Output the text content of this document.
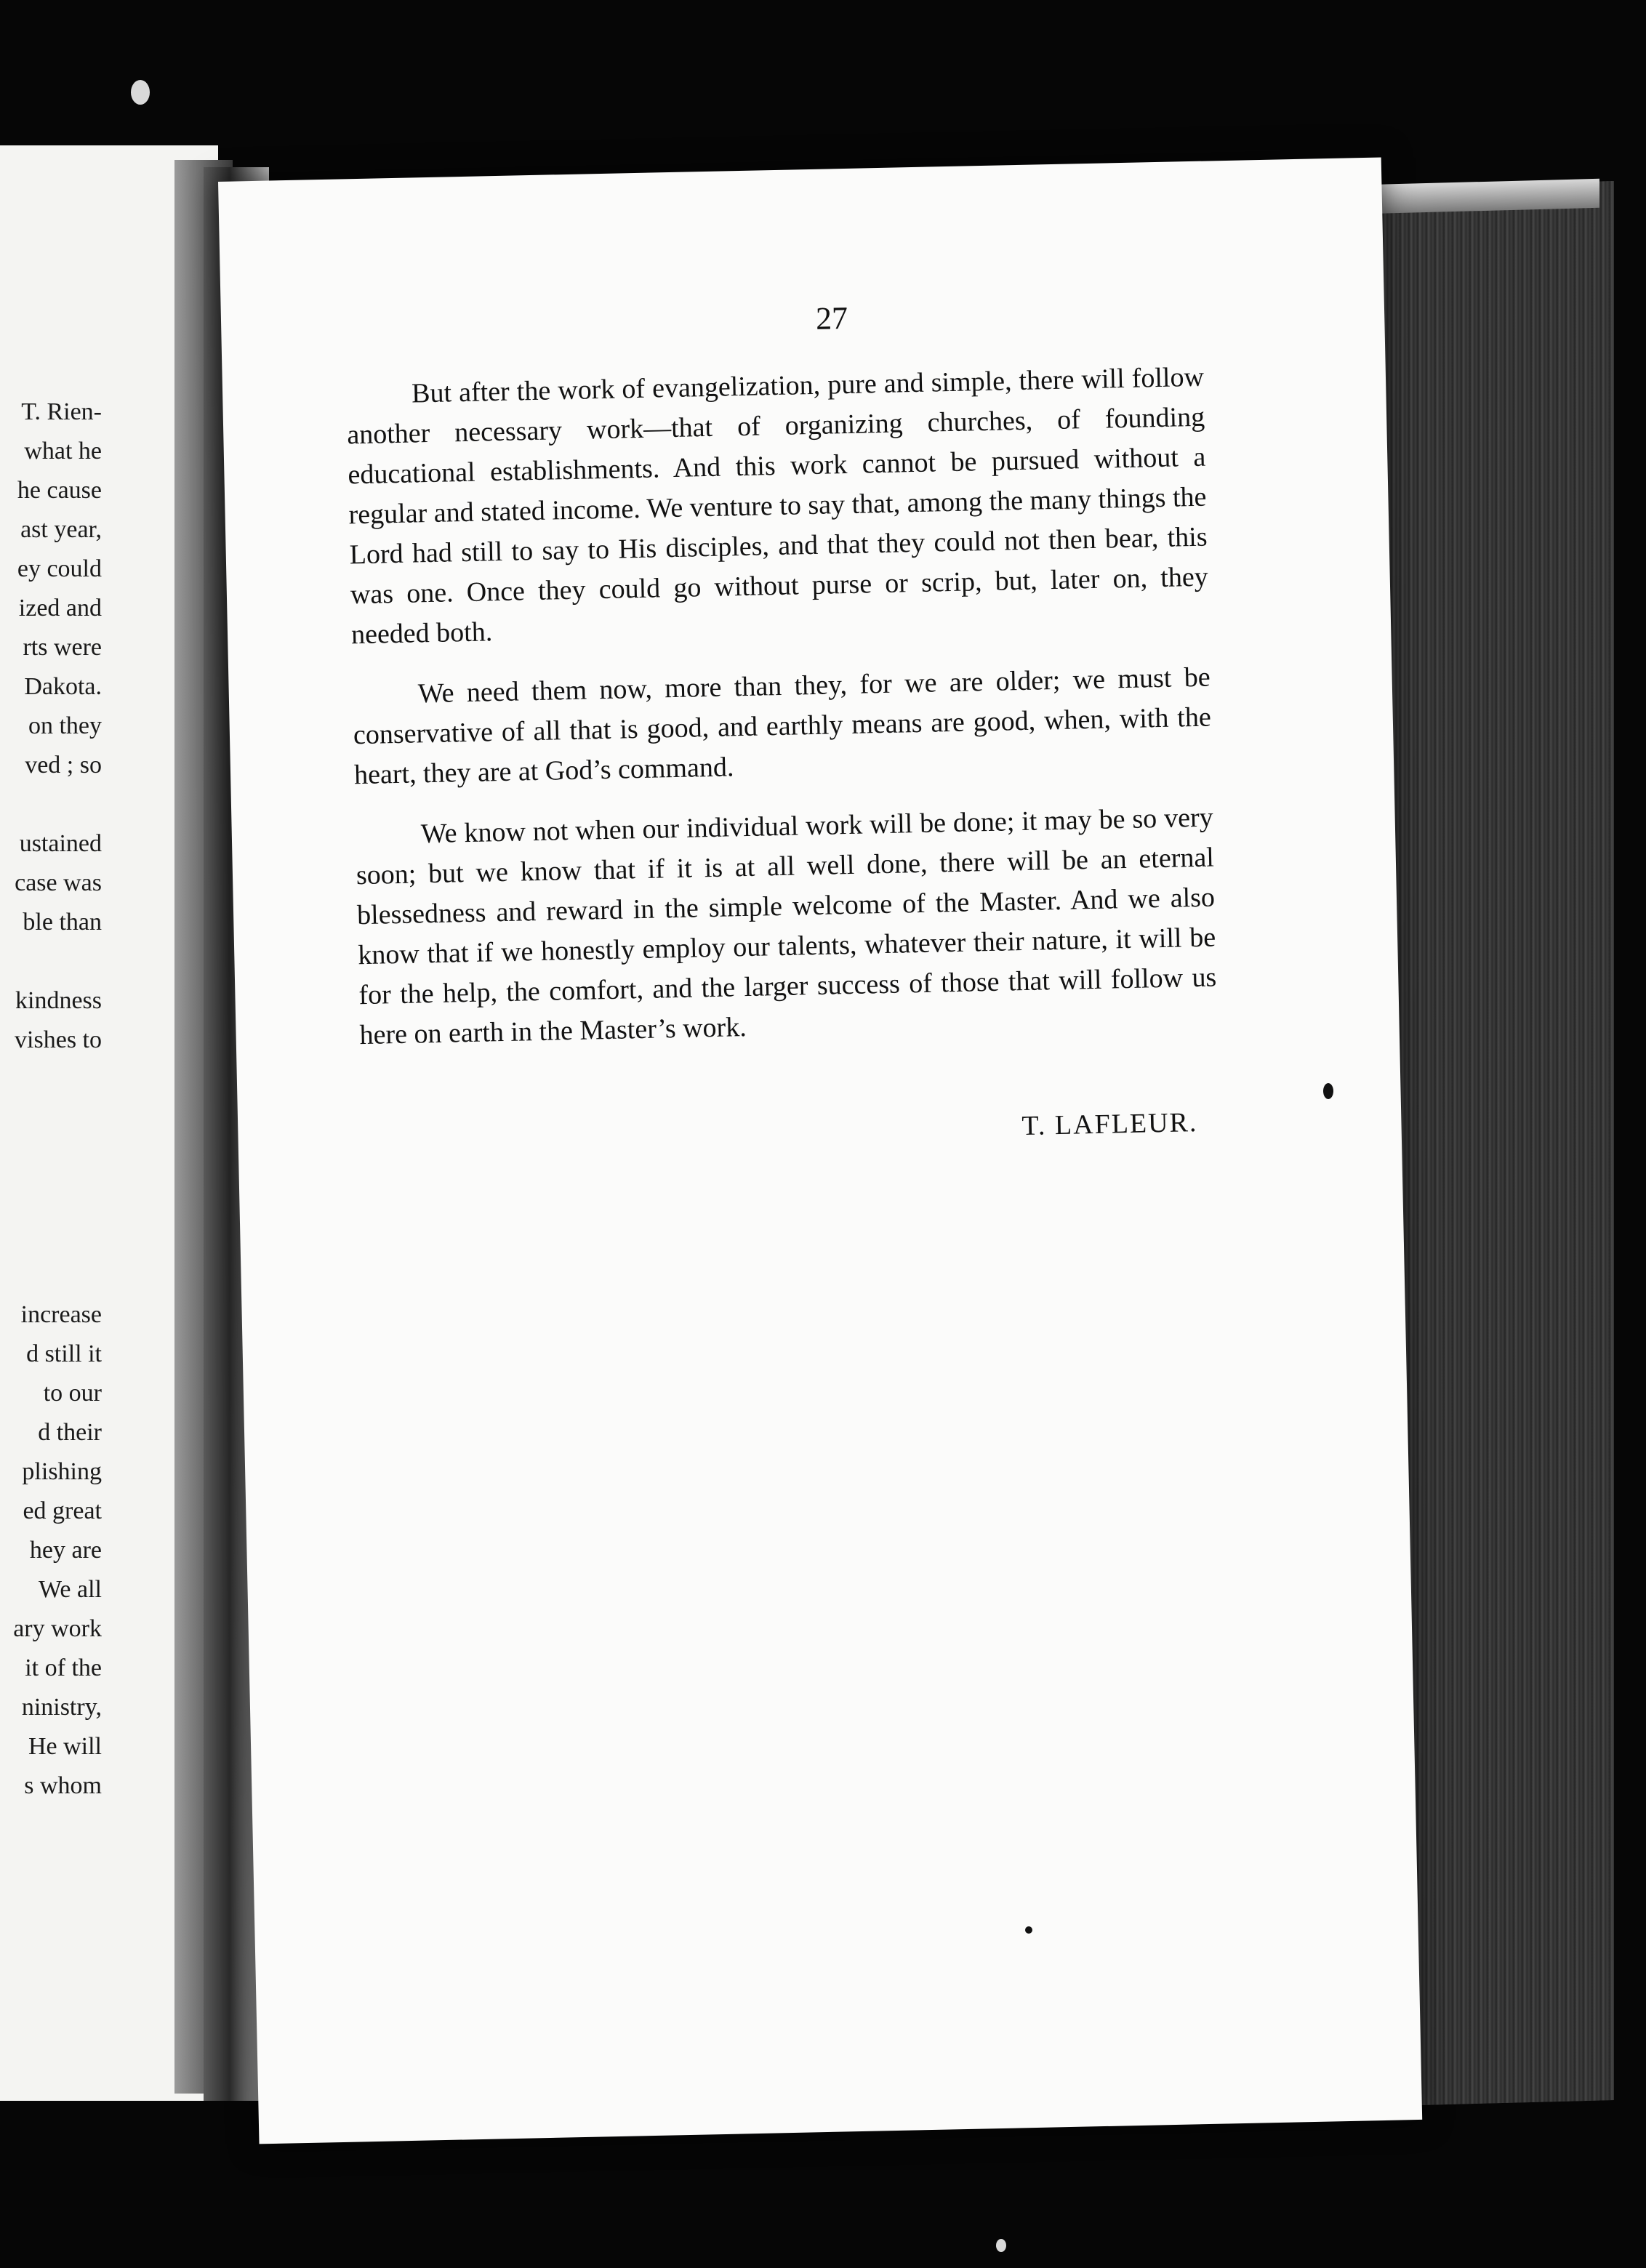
T. Rien-
what he
he cause
ast year,
ey could
ized and
rts were
Dakota.
on they
ved ; so
ustained
case was
ble than
kindness
vishes to
increase
d still it
to our
d their
plishing
ed great
hey are
We all
ary work
it of the
ninistry,
He will
s whom
27

But after the work of evangelization, pure and simple, there will follow another necessary work—that of organizing churches, of founding educational establishments. And this work cannot be pursued without a regular and stated income. We venture to say that, among the many things the Lord had still to say to His disciples, and that they could not then bear, this was one. Once they could go without purse or scrip, but, later on, they needed both.

We need them now, more than they, for we are older; we must be conservative of all that is good, and earthly means are good, when, with the heart, they are at God’s command.

We know not when our individual work will be done; it may be so very soon; but we know that if it is at all well done, there will be an eternal blessedness and reward in the simple welcome of the Master. And we also know that if we honestly employ our talents, whatever their nature, it will be for the help, the comfort, and the larger success of those that will follow us here on earth in the Master’s work.

T. LAFLEUR.
